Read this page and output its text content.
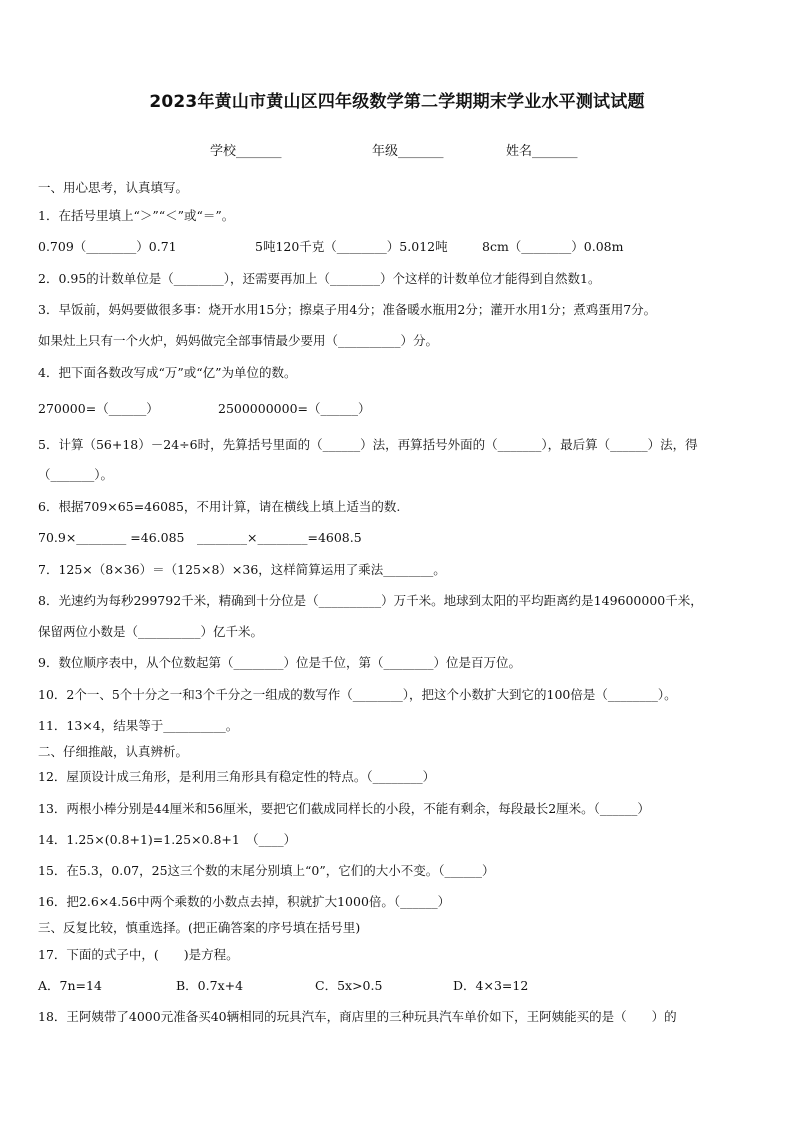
2023年黄山市黄山区四年级数学第二学期期末学业水平测试试题
学校_______	年级_______	姓名_______
一、用心思考，认真填写。
1．在括号里填上“＞”“＜”或“＝”。
0.709（________）0.71	5吨120千克（________）5.012吨	8cm（________）0.08m
2．0.95的计数单位是（________），还需要再加上（________）个这样的计数单位才能得到自然数1。
3．早饭前，妈妈要做很多事：烧开水用15分；擦桌子用4分；准备暖水瓶用2分；灌开水用1分；煮鸡蛋用7分。
如果灶上只有一个火炉，妈妈做完全部事情最少要用（__________）分。
4．把下面各数改写成“万”或“亿”为单位的数。
270000=（______）	2500000000=（______）
5．计算（56+18）－24÷6时，先算括号里面的（______）法，再算括号外面的（_______），最后算（______）法，得
（_______）。
6．根据709×65=46085，不用计算，请在横线上填上适当的数.
70.9×________ =46.085 ________×________=4608.5
7．125×（8×36）＝（125×8）×36，这样简算运用了乘法________。
8．光速约为每秒299792千米，精确到十分位是（__________）万千米。地球到太阳的平均距离约是149600000千米，
保留两位小数是（__________）亿千米。
9．数位顺序表中，从个位数起第（________）位是千位，第（________）位是百万位。
10．2个一、5个十分之一和3个千分之一组成的数写作（________），把这个小数扩大到它的100倍是（________）。
11．13×4，结果等于__________。
二、仔细推敲，认真辨析。
12．屋顶设计成三角形，是利用三角形具有稳定性的特点。（________）
13．两根小棒分别是44厘米和56厘米，要把它们截成同样长的小段，不能有剩余，每段最长2厘米。（______）
14．1.25×(0.8+1)=1.25×0.8+1　（____）
15．在5.3，0.07，25这三个数的末尾分别填上“0”，它们的大小不变。（______）
16．把2.6×4.56中两个乘数的小数点去掉，积就扩大1000倍。（______）
三、反复比较，慎重选择。(把正确答案的序号填在括号里)
17．下面的式子中，(　　)是方程。
A．7n=14	B．0.7x+4	C．5x>0.5	D．4×3=12
18．王阿姨带了4000元准备买40辆相同的玩具汽车，商店里的三种玩具汽车单价如下，王阿姨能买的是（　　）的
